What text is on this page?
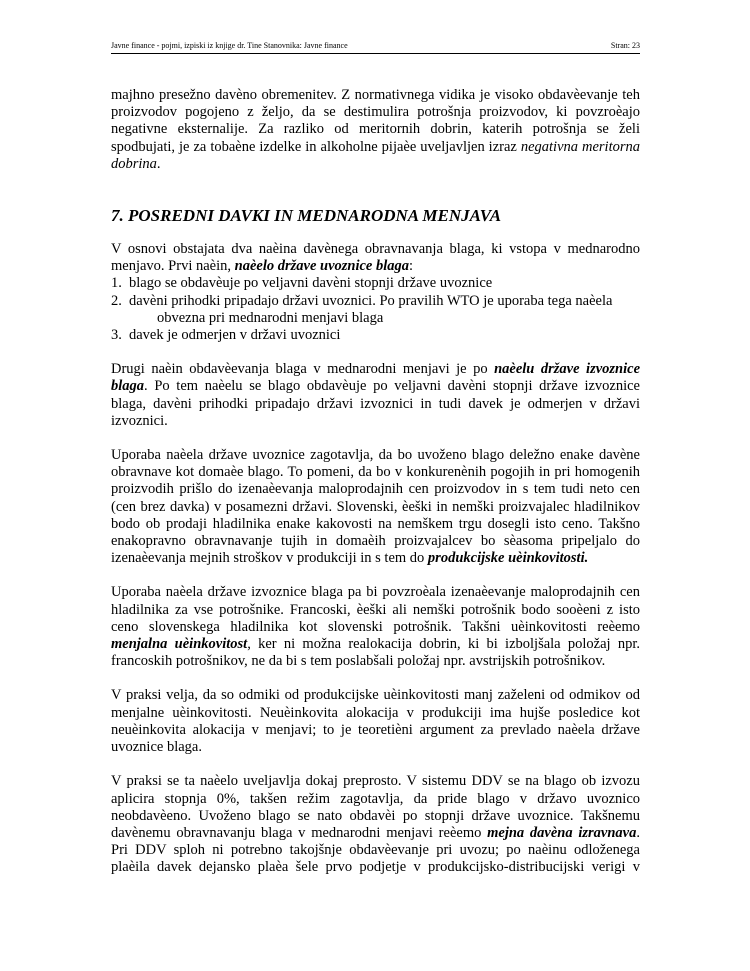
Javne finance - pojmi, izpiski iz knjige dr. Tine Stanovnika: Javne finance	Stran: 23

majhno presežno davèno obremenitev. Z normativnega vidika je visoko obdavèevanje teh proizvodov pogojeno z željo, da se destimulira potrošnja proizvodov, ki povzroèajo negativne eksternalije. Za razliko od meritornih dobrin, katerih potrošnja se želi spodbujati, je za tobaène izdelke in alkoholne pijaèe uveljavljen izraz negativna meritorna dobrina.

7. POSREDNI DAVKI IN MEDNARODNA MENJAVA

V osnovi obstajata dva naèina davènega obravnavanja blaga, ki vstopa v mednarodno menjavo. Prvi naèin, naèelo države uvoznice blaga:

1. blago se obdavèuje po veljavni davèni stopnji države uvoznice
2. davèni prihodki pripadajo državi uvoznici. Po pravilih WTO je uporaba tega naèela
obvezna pri mednarodni menjavi blaga
3. davek je odmerjen v državi uvoznici

Drugi naèin obdavèevanja blaga v mednarodni menjavi je po naèelu države izvoznice blaga. Po tem naèelu se blago obdavèuje po veljavni davèni stopnji države izvoznice blaga, davèni prihodki pripadajo državi izvoznici in tudi davek je odmerjen v državi izvoznici.

Uporaba naèela države uvoznice zagotavlja, da bo uvoženo blago deležno enake davène obravnave kot domaèe blago. To pomeni, da bo v konkurenènih pogojih in pri homogenih proizvodih prišlo do izenaèevanja maloprodajnih cen proizvodov in s tem tudi neto cen (cen brez davka) v posamezni državi. Slovenski, èeški in nemški proizvajalec hladilnikov bodo ob prodaji hladilnika enake kakovosti na nemškem trgu dosegli isto ceno. Takšno enakopravno obravnavanje tujih in domaèih proizvajalcev bo sèasoma pripeljalo do izenaèevanja mejnih stroškov v produkciji in s tem do produkcijske uèinkovitosti.

Uporaba naèela države izvoznice blaga pa bi povzroèala izenaèevanje maloprodajnih cen hladilnika za vse potrošnike. Francoski, èeški ali nemški potrošnik bodo sooèeni z isto ceno slovenskega hladilnika kot slovenski potrošnik. Takšni uèinkovitosti reèemo menjalna uèinkovitost, ker ni možna realokacija dobrin, ki bi izboljšala položaj npr. francoskih potrošnikov, ne da bi s tem poslabšali položaj npr. avstrijskih potrošnikov.

V praksi velja, da so odmiki od produkcijske uèinkovitosti manj zaželeni od odmikov od menjalne uèinkovitosti. Neuèinkovita alokacija v produkciji ima hujše posledice kot neuèinkovita alokacija v menjavi; to je teoretièni argument za prevlado naèela države uvoznice blaga.

V praksi se ta naèelo uveljavlja dokaj preprosto. V sistemu DDV se na blago ob izvozu aplicira stopnja 0%, takšen režim zagotavlja, da pride blago v državo uvoznico neobdavèeno. Uvoženo blago se nato obdavèi po stopnji države uvoznice. Takšnemu davènemu obravnavanju blaga v mednarodni menjavi reèemo mejna davèna izravnava. Pri DDV sploh ni potrebno takojšnje obdavèevanje pri uvozu; po naèinu odloženega plaèila davek dejansko plaèa šele prvo podjetje v produkcijsko-distribucijski verigi v
